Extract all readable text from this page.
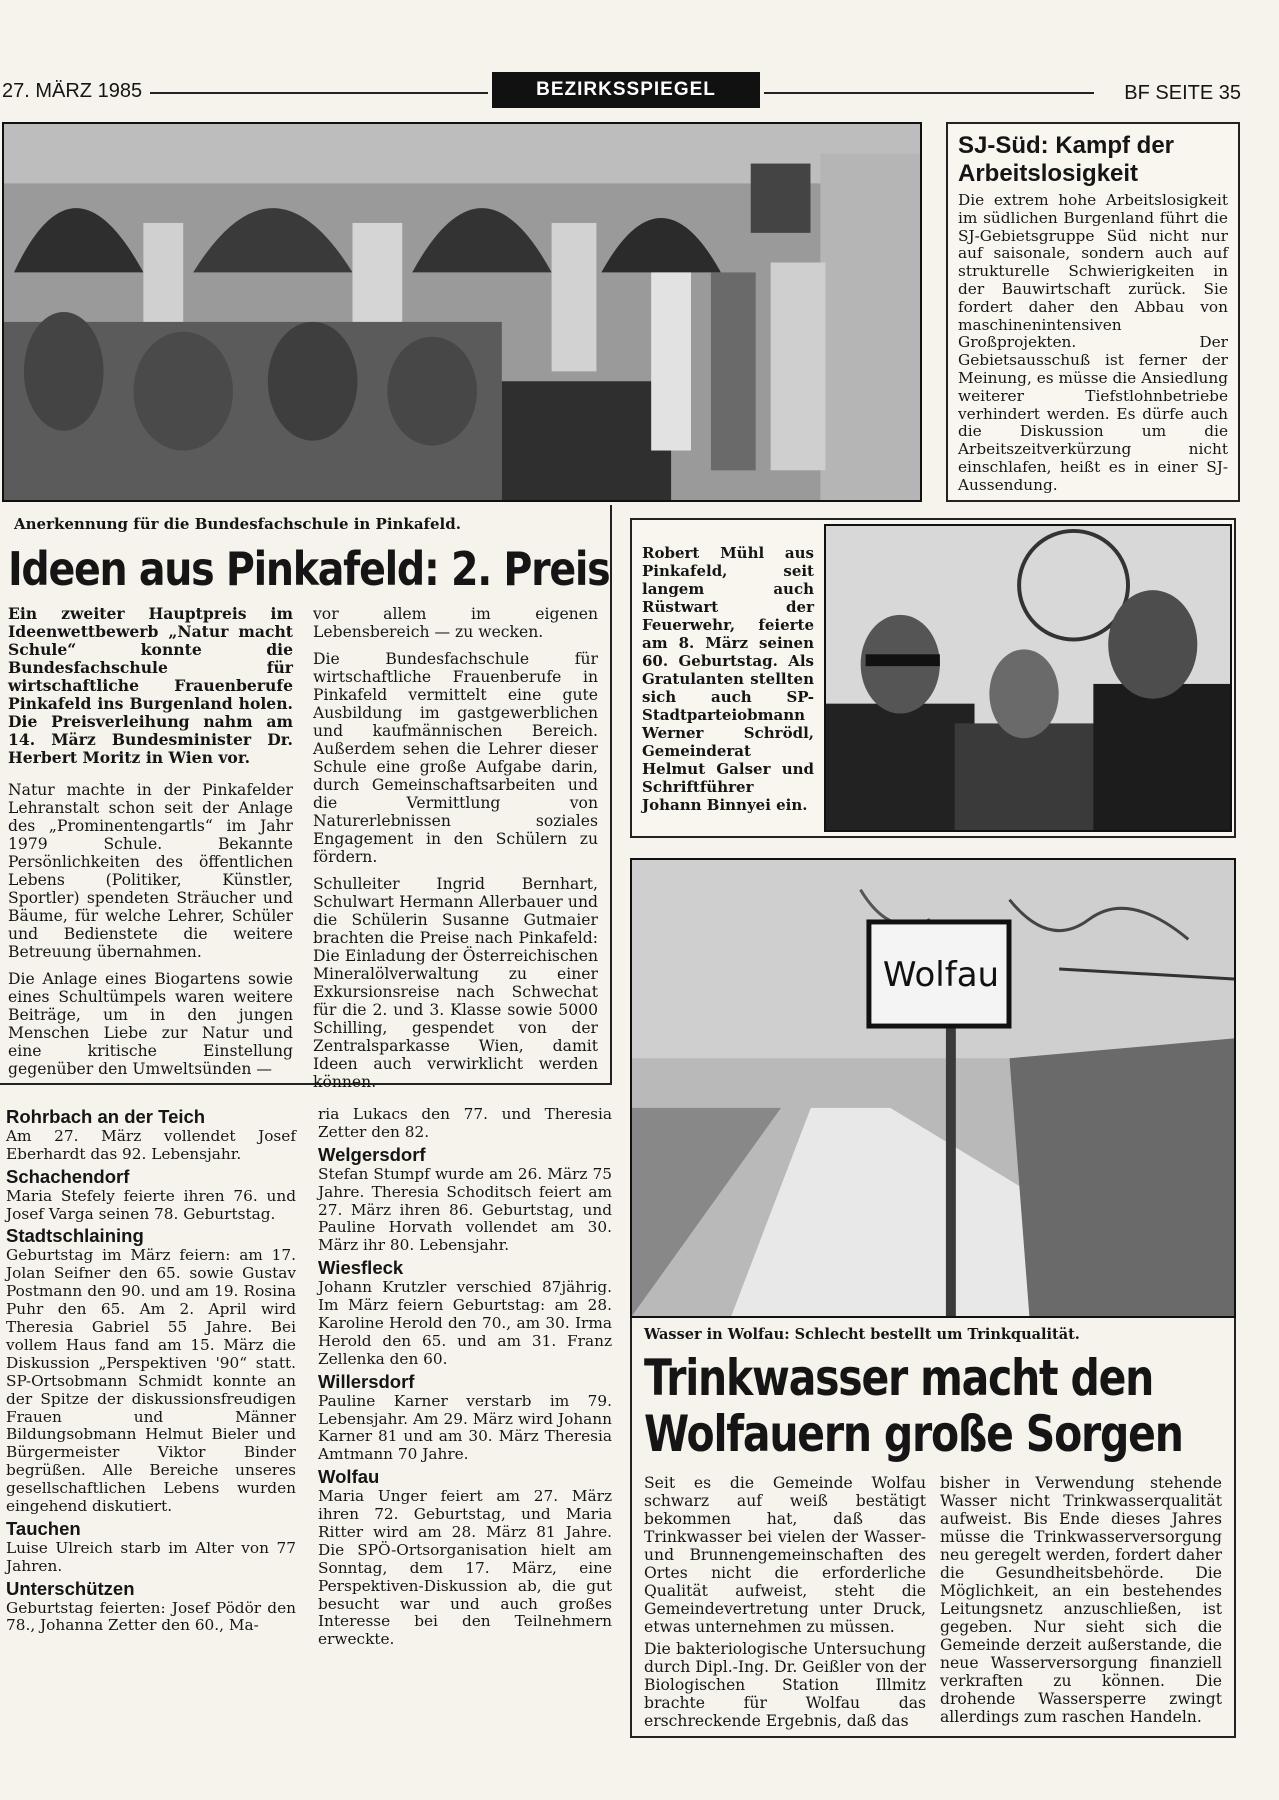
27. MÄRZ 1985	BEZIRKSSPIEGEL	BF SEITE 35
SJ-Süd: Kampf der Arbeitslosigkeit
Die extrem hohe Arbeitslosigkeit im südlichen Burgenland führt die SJ-Gebietsgruppe Süd nicht nur auf saisonale, sondern auch auf strukturelle Schwierigkeiten in der Bauwirtschaft zurück. Sie fordert daher den Abbau von maschinenintensiven Großprojekten. Der Gebietsausschuß ist ferner der Meinung, es müsse die Ansiedlung weiterer Tiefstlohnbetriebe verhindert werden. Es dürfe auch die Diskussion um die Arbeitszeitverkürzung nicht einschlafen, heißt es in einer SJ-Aussendung.
Anerkennung für die Bundesfachschule in Pinkafeld.
Ideen aus Pinkafeld: 2. Preis

Ein zweiter Hauptpreis im Ideenwettbewerb „Natur macht Schule“ konnte die Bundesfachschule für wirtschaftliche Frauenberufe Pinkafeld ins Burgenland holen. Die Preisverleihung nahm am 14. März Bundesminister Dr. Herbert Moritz in Wien vor.

Natur machte in der Pinkafelder Lehranstalt schon seit der Anlage des „Prominentengartls“ im Jahr 1979 Schule. Bekannte Persönlichkeiten des öffentlichen Lebens (Politiker, Künstler, Sportler) spendeten Sträucher und Bäume, für welche Lehrer, Schüler und Bedienstete die weitere Betreuung übernahmen.

Die Anlage eines Biogartens sowie eines Schultümpels waren weitere Beiträge, um in den jungen Menschen Liebe zur Natur und eine kritische Einstellung gegenüber den Umweltsünden —

vor allem im eigenen Lebensbereich — zu wecken.

Die Bundesfachschule für wirtschaftliche Frauenberufe in Pinkafeld vermittelt eine gute Ausbildung im gastgewerblichen und kaufmännischen Bereich. Außerdem sehen die Lehrer dieser Schule eine große Aufgabe darin, durch Gemeinschaftsarbeiten und die Vermittlung von Naturerlebnissen soziales Engagement in den Schülern zu fördern.

Schulleiter Ingrid Bernhart, Schulwart Hermann Allerbauer und die Schülerin Susanne Gutmaier brachten die Preise nach Pinkafeld: Die Einladung der Österreichischen Mineralölverwaltung zu einer Exkursionsreise nach Schwechat für die 2. und 3. Klasse sowie 5000 Schilling, gespendet von der Zentralsparkasse Wien, damit Ideen auch verwirklicht werden können.

Robert Mühl aus Pinkafeld, seit langem auch Rüstwart der Feuerwehr, feierte am 8. März seinen 60. Geburtstag. Als Gratulanten stellten sich auch SP-Stadtparteiobmann Werner Schrödl, Gemeinderat Helmut Galser und Schriftführer Johann Binnyei ein.
Wolfau
Wasser in Wolfau: Schlecht bestellt um Trinkqualität.
Trinkwasser macht den
Wolfauern große Sorgen

Seit es die Gemeinde Wolfau schwarz auf weiß bestätigt bekommen hat, daß das Trinkwasser bei vielen der Wasser- und Brunnengemeinschaften des Ortes nicht die erforderliche Qualität aufweist, steht die Gemeindevertretung unter Druck, etwas unternehmen zu müssen.

Die bakteriologische Untersuchung durch Dipl.-Ing. Dr. Geißler von der Biologischen Station Illmitz brachte für Wolfau das erschreckende Ergebnis, daß das

bisher in Verwendung stehende Wasser nicht Trinkwasserqualität aufweist. Bis Ende dieses Jahres müsse die Trinkwasserversorgung neu geregelt werden, fordert daher die Gesundheitsbehörde. Die Möglichkeit, an ein bestehendes Leitungsnetz anzuschließen, ist gegeben. Nur sieht sich die Gemeinde derzeit außerstande, die neue Wasserversorgung finanziell verkraften zu können. Die drohende Wassersperre zwingt allerdings zum raschen Handeln.
Rohrbach an der Teich

Am 27. März vollendet Josef Eberhardt das 92. Lebensjahr.

Schachendorf

Maria Stefely feierte ihren 76. und Josef Varga seinen 78. Geburtstag.

Stadtschlaining

Geburtstag im März feiern: am 17. Jolan Seifner den 65. sowie Gustav Postmann den 90. und am 19. Rosina Puhr den 65. Am 2. April wird Theresia Gabriel 55 Jahre. Bei vollem Haus fand am 15. März die Diskussion „Perspektiven '90“ statt. SP-Ortsobmann Schmidt konnte an der Spitze der diskussionsfreudigen Frauen und Männer Bildungsobmann Helmut Bieler und Bürgermeister Viktor Binder begrüßen. Alle Bereiche unseres gesellschaftlichen Lebens wurden eingehend diskutiert.

Tauchen

Luise Ulreich starb im Alter von 77 Jahren.

Unterschützen

Geburtstag feierten: Josef Pödör den 78., Johanna Zetter den 60., Ma-

ria Lukacs den 77. und Theresia Zetter den 82.

Welgersdorf

Stefan Stumpf wurde am 26. März 75 Jahre. Theresia Schoditsch feiert am 27. März ihren 86. Geburtstag, und Pauline Horvath vollendet am 30. März ihr 80. Lebensjahr.

Wiesfleck

Johann Krutzler verschied 87jährig. Im März feiern Geburtstag: am 28. Karoline Herold den 70., am 30. Irma Herold den 65. und am 31. Franz Zellenka den 60.

Willersdorf

Pauline Karner verstarb im 79. Lebensjahr. Am 29. März wird Johann Karner 81 und am 30. März Theresia Amtmann 70 Jahre.

Wolfau

Maria Unger feiert am 27. März ihren 72. Geburtstag, und Maria Ritter wird am 28. März 81 Jahre. Die SPÖ-Ortsorganisation hielt am Sonntag, dem 17. März, eine Perspektiven-Diskussion ab, die gut besucht war und auch großes Interesse bei den Teilnehmern erweckte.
